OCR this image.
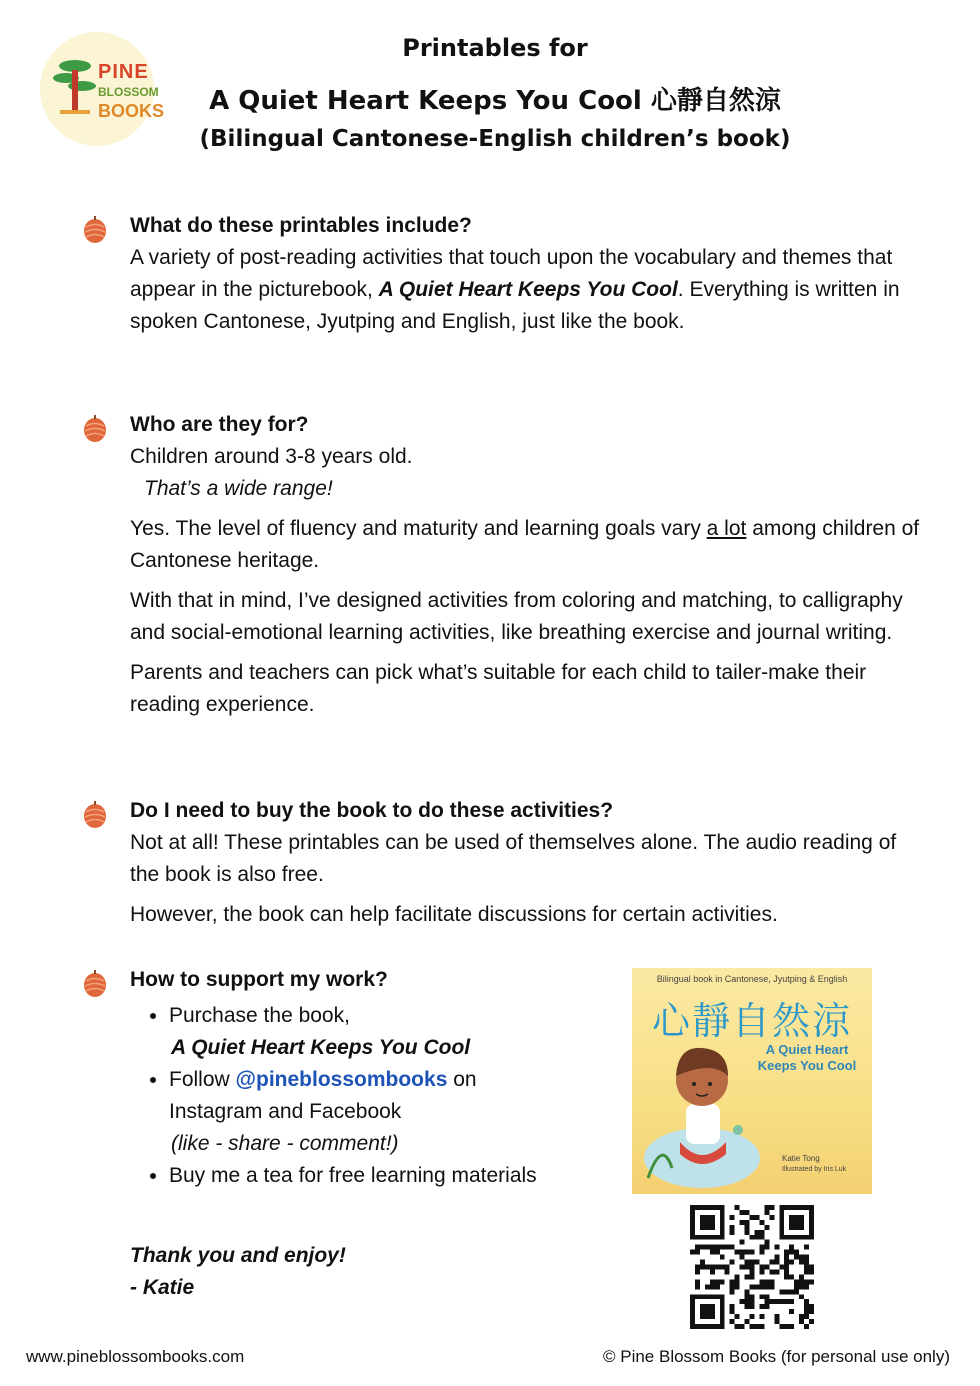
PINE
BLOSSOM
BOOKS
Printables for
A Quiet Heart Keeps You Cool 心靜自然涼
(Bilingual Cantonese-English children’s book)
What do these printables include?
A variety of post-reading activities that touch upon the vocabulary and themes that appear in the picturebook, A Quiet Heart Keeps You Cool. Everything is written in spoken Cantonese, Jyutping and English, just like the book.
Who are they for?
Children around 3-8 years old.
That’s a wide range!
Yes. The level of fluency and maturity and learning goals vary a lot among children of Cantonese heritage.
With that in mind, I’ve designed activities from coloring and matching, to calligraphy and social-emotional learning activities, like breathing exercise and journal writing.
Parents and teachers can pick what’s suitable for each child to tailer-make their reading experience.
Do I need to buy the book to do these activities?
Not at all! These printables can be used of themselves alone. The audio reading of the book is also free.
However, the book can help facilitate discussions for certain activities.
How to support my work?
• Purchase the book,
A Quiet Heart Keeps You Cool
• Follow @pineblossombooks on Instagram and Facebook
(like - share - comment!)
• Buy me a tea for free learning materials
Thank you and enjoy!
- Katie
Bilingual book in Cantonese, Jyutping & English
心靜自然涼
A Quiet Heart Keeps You Cool
Katie Tong
Illustrated by Iris Luk
www.pineblossombooks.com	© Pine Blossom Books (for personal use only)
